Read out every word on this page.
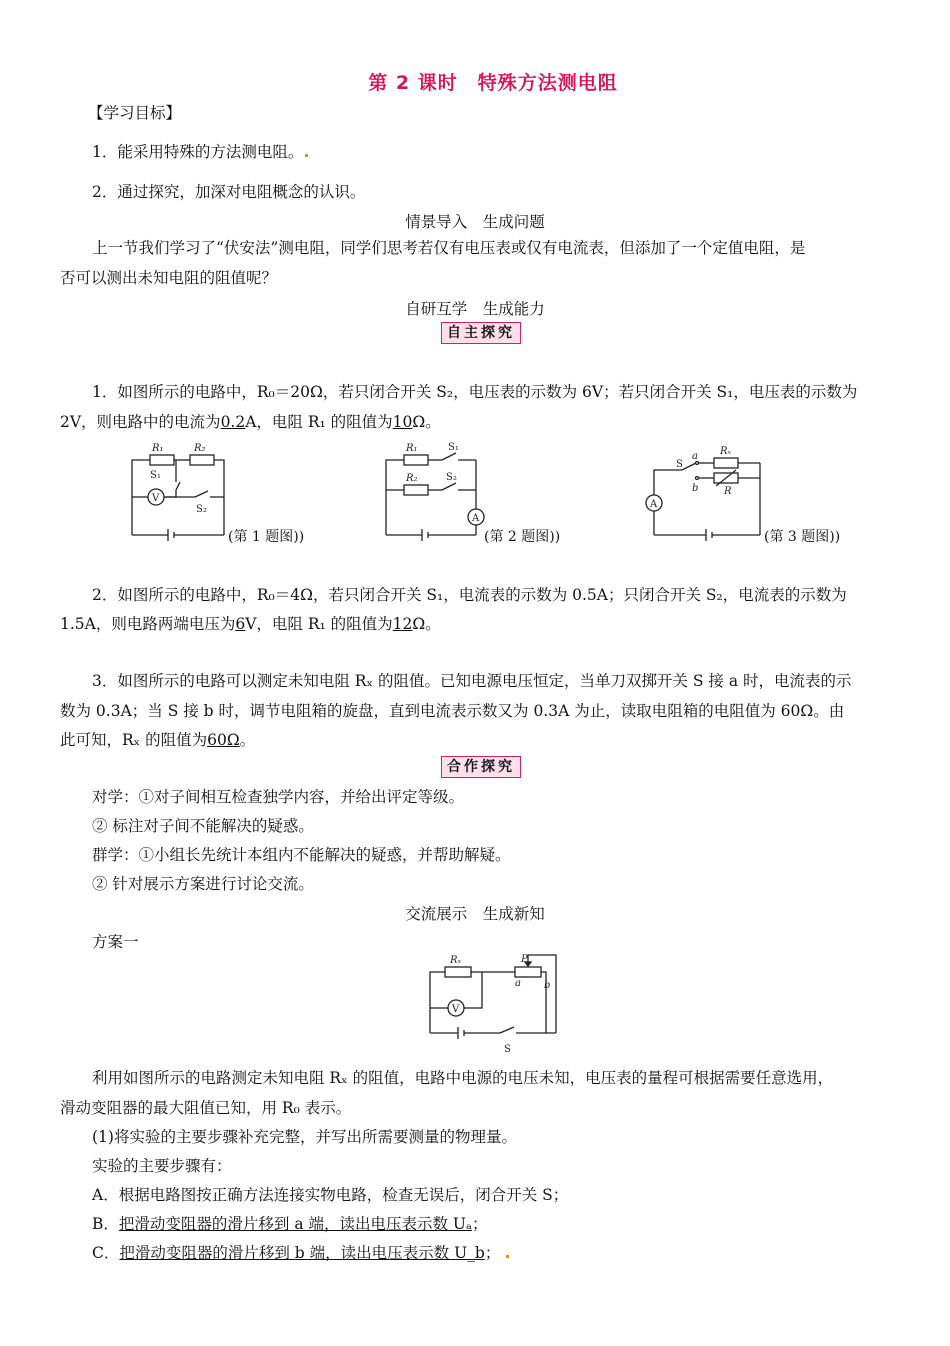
第 2 课时　特殊方法测电阻
【学习目标】
1．能采用特殊的方法测电阻。
2．通过探究，加深对电阻概念的认识。
情景导入　生成问题
上一节我们学习了“伏安法”测电阻，同学们思考若仅有电压表或仅有电流表，但添加了一个定值电阻，是
否可以测出未知电阻的阻值呢？
自研互学　生成能力
自主探究
1．如图所示的电路中，R₀＝20Ω，若只闭合开关 S₂，电压表的示数为 6V；若只闭合开关 S₁，电压表的示数为
2V，则电路中的电流为0.2A，电阻 R₁ 的阻值为10Ω。
R₁	R₂
S₁
S₂
V
(第 1 题图))
R₁	S₁
R₂	S₂
A
(第 2 题图))
a
b
S
Rₓ
R
A
(第 3 题图))
2．如图所示的电路中，R₀＝4Ω，若只闭合开关 S₁，电流表的示数为 0.5A；只闭合开关 S₂，电流表的示数为
1.5A，则电路两端电压为6V，电阻 R₁ 的阻值为12Ω。
3．如图所示的电路可以测定未知电阻 Rₓ 的阻值。已知电源电压恒定，当单刀双掷开关 S 接 a 时，电流表的示
数为 0.3A；当 S 接 b 时，调节电阻箱的旋盘，直到电流表示数又为 0.3A 为止，读取电阻箱的电阻值为 60Ω。由
此可知，Rₓ 的阻值为60Ω。
合作探究
对学：①对子间相互检查独学内容，并给出评定等级。
② 标注对子间不能解决的疑惑。
群学：①小组长先统计本组内不能解决的疑惑，并帮助解疑。
② 针对展示方案进行讨论交流。
交流展示　生成新知
方案一
Rₓ	P
a b
V
S
利用如图所示的电路测定未知电阻 Rₓ 的阻值，电路中电源的电压未知，电压表的量程可根据需要任意选用，
滑动变阻器的最大阻值已知，用 R₀ 表示。
(1)将实验的主要步骤补充完整，并写出所需要测量的物理量。
实验的主要步骤有：
A．根据电路图按正确方法连接实物电路，检查无误后，闭合开关 S；
B．把滑动变阻器的滑片移到 a 端，读出电压表示数 Uₐ；
C．把滑动变阻器的滑片移到 b 端，读出电压表示数 U_b；
